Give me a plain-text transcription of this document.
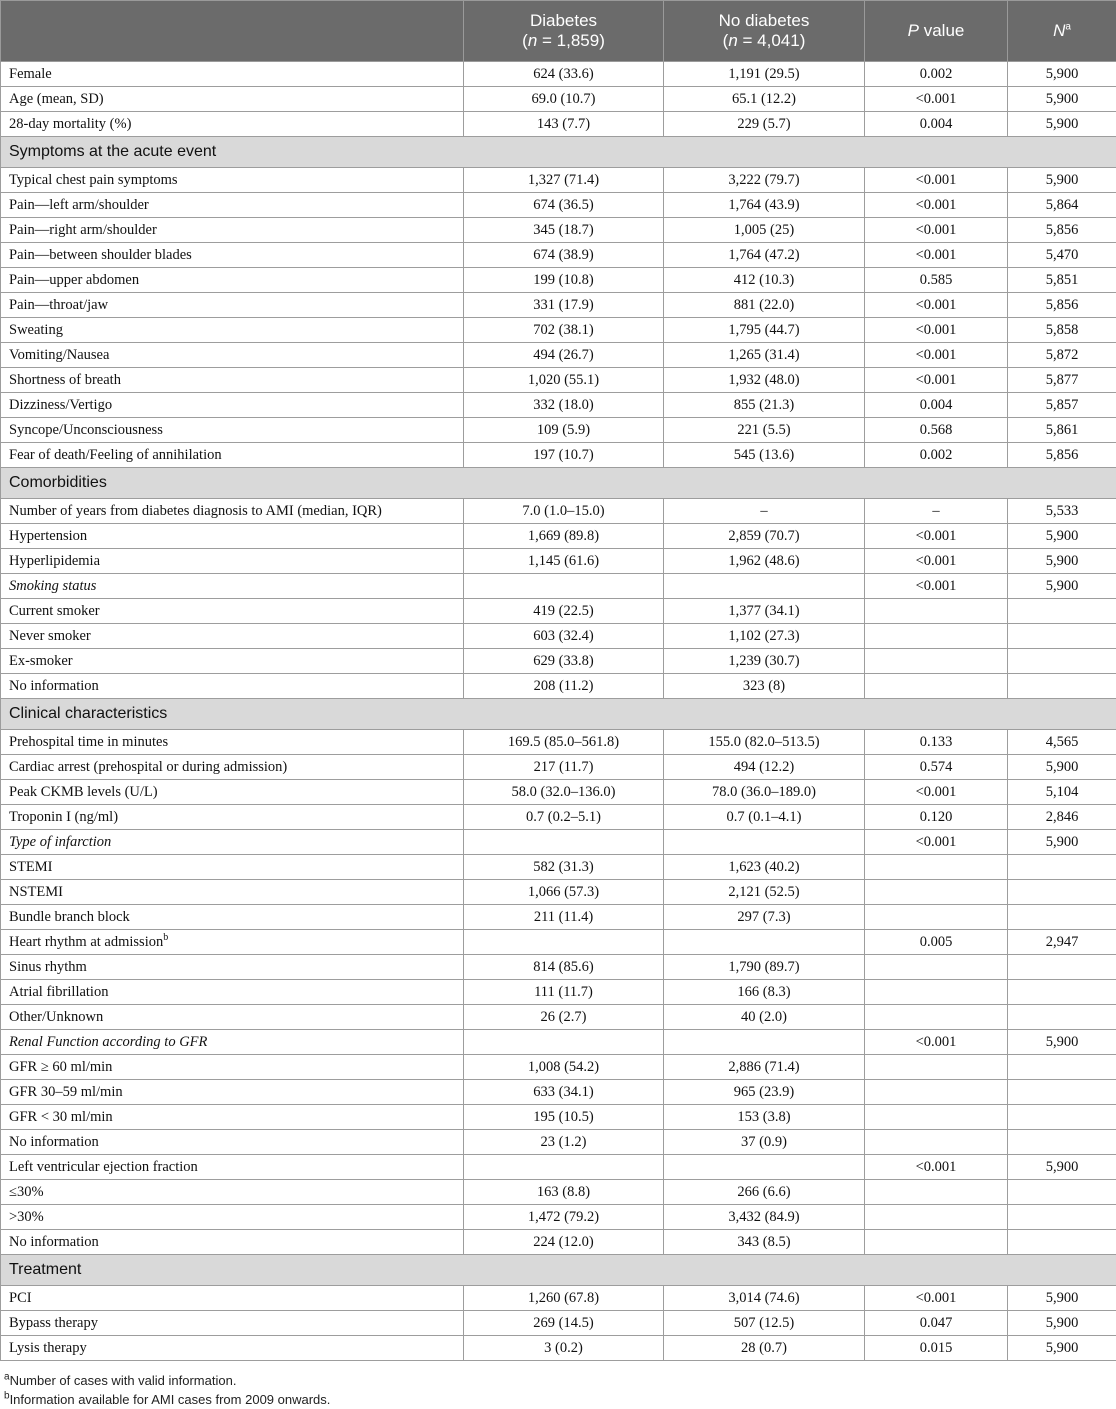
	Diabetes
(n = 1,859)	No diabetes
(n = 4,041)	P value	$N^a$
Female	624 (33.6)	1,191 (29.5)	0.002	5,900
Age (mean, SD)	69.0 (10.7)	65.1 (12.2)	<0.001	5,900
28-day mortality (%)	143 (7.7)	229 (5.7)	0.004	5,900
Symptoms at the acute event				
Typical chest pain symptoms	1,327 (71.4)	3,222 (79.7)	<0.001	5,900
Pain—left arm/shoulder	674 (36.5)	1,764 (43.9)	<0.001	5,864
Pain—right arm/shoulder	345 (18.7)	1,005 (25)	<0.001	5,856
Pain—between shoulder blades	674 (38.9)	1,764 (47.2)	<0.001	5,470
Pain—upper abdomen	199 (10.8)	412 (10.3)	0.585	5,851
Pain—throat/jaw	331 (17.9)	881 (22.0)	<0.001	5,856
Sweating	702 (38.1)	1,795 (44.7)	<0.001	5,858
Vomiting/Nausea	494 (26.7)	1,265 (31.4)	<0.001	5,872
Shortness of breath	1,020 (55.1)	1,932 (48.0)	<0.001	5,877
Dizziness/Vertigo	332 (18.0)	855 (21.3)	0.004	5,857
Syncope/Unconsciousness	109 (5.9)	221 (5.5)	0.568	5,861
Fear of death/Feeling of annihilation	197 (10.7)	545 (13.6)	0.002	5,856
Comorbidities				
Number of years from diabetes diagnosis to AMI (median, IQR)	7.0 (1.0–15.0)	–	–	5,533
Hypertension	1,669 (89.8)	2,859 (70.7)	<0.001	5,900
Hyperlipidemia	1,145 (61.6)	1,962 (48.6)	<0.001	5,900
Smoking status			<0.001	5,900
Current smoker	419 (22.5)	1,377 (34.1)		
Never smoker	603 (32.4)	1,102 (27.3)		
Ex-smoker	629 (33.8)	1,239 (30.7)		
No information	208 (11.2)	323 (8)		
Clinical characteristics				
Prehospital time in minutes	169.5 (85.0–561.8)	155.0 (82.0–513.5)	0.133	4,565
Cardiac arrest (prehospital or during admission)	217 (11.7)	494 (12.2)	0.574	5,900
Peak CKMB levels (U/L)	58.0 (32.0–136.0)	78.0 (36.0–189.0)	<0.001	5,104
Troponin I (ng/ml)	0.7 (0.2–5.1)	0.7 (0.1–4.1)	0.120	2,846
Type of infarction			<0.001	5,900
STEMI	582 (31.3)	1,623 (40.2)		
NSTEMI	1,066 (57.3)	2,121 (52.5)		
Bundle branch block	211 (11.4)	297 (7.3)		
Heart rhythm at admission$^b$			0.005	2,947
Sinus rhythm	814 (85.6)	1,790 (89.7)		
Atrial fibrillation	111 (11.7)	166 (8.3)		
Other/Unknown	26 (2.7)	40 (2.0)		
Renal Function according to GFR			<0.001	5,900
GFR ≥ 60 ml/min	1,008 (54.2)	2,886 (71.4)		
GFR 30–59 ml/min	633 (34.1)	965 (23.9)		
GFR < 30 ml/min	195 (10.5)	153 (3.8)		
No information	23 (1.2)	37 (0.9)		
Left ventricular ejection fraction			<0.001	5,900
≤30%	163 (8.8)	266 (6.6)		
>30%	1,472 (79.2)	3,432 (84.9)		
No information	224 (12.0)	343 (8.5)		
Treatment				
PCI	1,260 (67.8)	3,014 (74.6)	<0.001	5,900
Bypass therapy	269 (14.5)	507 (12.5)	0.047	5,900
Lysis therapy	3 (0.2)	28 (0.7)	0.015	5,900
$^a$Number of cases with valid information.
$^b$Information available for AMI cases from 2009 onwards.
